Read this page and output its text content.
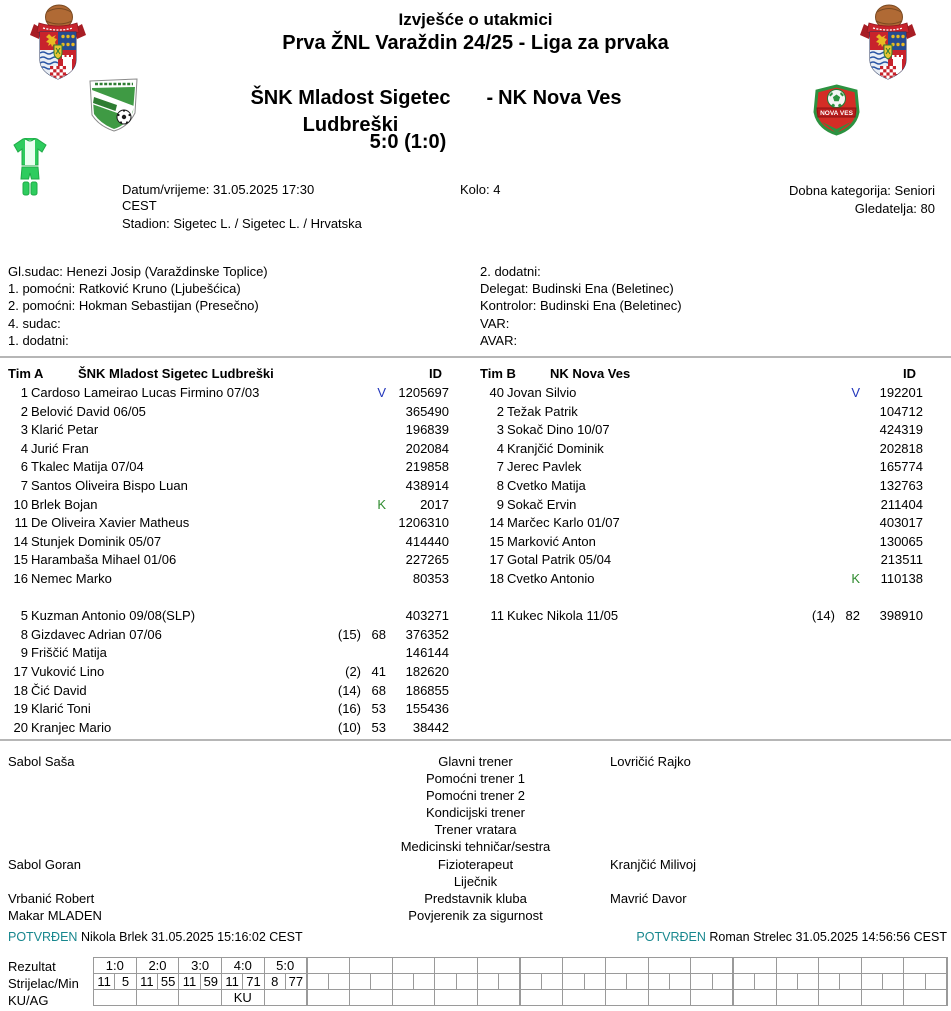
NOVA VES
Izvješće o utakmici
Prva ŽNL Varaždin 24/25 - Liga za prvaka
ŠNK Mladost Sigetec Ludbreški
- NK Nova Ves
5:0 (1:0)
Datum/vrijeme: 31.05.2025 17:30 CEST
Stadion: Sigetec L. / Sigetec L. / Hrvatska
Kolo: 4	Dobna kategorija: Seniori
Gledatelja: 80
Gl.sudac: Henezi Josip (Varaždinske Toplice)
1. pomoćni: Ratković Kruno (Ljubešćica)
2. pomoćni: Hokman Sebastijan (Presečno)
4. sudac:
1. dodatni:
2. dodatni:
Delegat: Budinski Ena (Beletinec)
Kontrolor: Budinski Ena (Beletinec)
VAR:
AVAR:
Tim A	ŠNK Mladost Sigetec Ludbreški	ID
1 Cardoso Lameirao Lucas Firmino 07/03	V 1205697
2 Belović David 06/05	365490
3 Klarić Petar	196839
4 Jurić Fran	202084
6 Tkalec Matija 07/04	219858
7 Santos Oliveira Bispo Luan	438914
10 Brlek Bojan	K	2017
11 De Oliveira Xavier Matheus	1206310
14 Stunjek Dominik 05/07	414440
15 Harambaša Mihael 01/06	227265
16 Nemec Marko	80353
5 Kuzman Antonio 09/08(SLP)	403271
8 Gizdavec Adrian 07/06	(15) 68	376352
9 Friščić Matija	146144
17 Vuković Lino	(2) 41	182620
18 Čić David	(14) 68	186855
19 Klarić Toni	(16) 53	155436
20 Kranjec Mario	(10) 53	38442
Tim B	NK Nova Ves	ID
40 Jovan Silvio	V	192201
2 Težak Patrik	104712
3 Sokač Dino 10/07	424319
4 Kranjčić Dominik	202818
7 Jerec Pavlek	165774
8 Cvetko Matija	132763
9 Sokač Ervin	211404
14 Marčec Karlo 01/07	403017
15 Marković Anton	130065
17 Gotal Patrik 05/04	213511
18 Cvetko Antonio	K	110138
11 Kukec Nikola 11/05	(14) 82	398910
Sabol Saša	Glavni trener	Lovričić Rajko
Pomoćni trener 1
Pomoćni trener 2
Kondicijski trener
Trener vratara
Medicinski tehničar/sestra
Sabol Goran	Fizioterapeut	Kranjčić Milivoj
Liječnik
Vrbanić Robert	Predstavnik kluba	Mavrić Davor
Makar MLADEN	Povjerenik za sigurnost
POTVRĐEN Nikola Brlek 31.05.2025 15:16:02 CEST	POTVRĐEN Roman Strelec 31.05.2025 14:56:56 CEST
Rezultat
Strijelac/Min
KU/AG
1:0		2:0		3:0		4:0		5:0																															
11	5	11	55	11	59	11	71	8	77																														
						KU																																	
